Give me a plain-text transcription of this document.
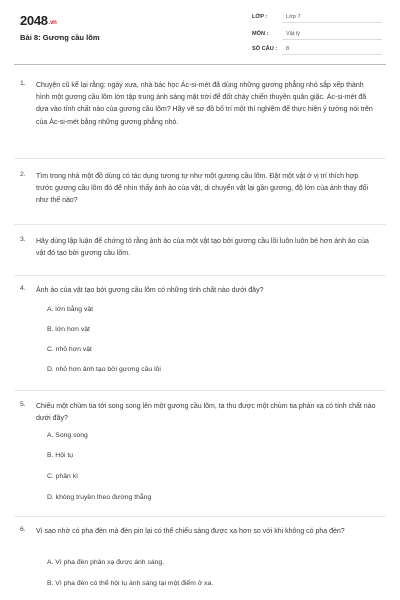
2048.vn
Bài 8: Gương cầu lõm
LỚP :	Lớp 7
MÔN :	Vật lý
SỐ CÂU : 8
1. Chuyện cũ kể lại rằng: ngày xưa, nhà bác học Ác-si-mét đã dùng những gương phẳng nhỏ sắp xếp thành hình một gương cầu lõm lớn tập trung ánh sáng mặt trời để đốt cháy chiến thuyền quân giặc. Ác-si-mét đã dựa vào tính chất nào của gương cầu lõm? Hãy vẽ sơ đồ bố trí một thí nghiệm để thực hiện ý tưởng nói trên của Ác-si-mét bằng những gương phẳng nhỏ.
2. Tìm trong nhà một đồ dùng có tác dụng tương tự như một gương cầu lõm. Đặt một vật ở vị trí thích hợp trước gương cầu lõm đó để nhìn thấy ảnh ảo của vật, di chuyển vật lại gần gương, độ lớn của ảnh thay đổi như thế nào?
3. Hãy dùng lập luận để chứng tỏ rằng ảnh ảo của một vật tạo bởi gương cầu lồi luôn luôn bé hơn ảnh ảo của vật đó tạo bởi gương cầu lõm.
4. Ảnh ảo của vật tạo bởi gương cầu lõm có những tính chất nào dưới đây?
A. lớn bằng vật
B. lớn hơn vật
C. nhỏ hơn vật
D. nhỏ hơn ảnh tạo bởi gương cầu lồi
5. Chiếu một chùm tia tới song song lên một gương cầu lõm, ta thu được một chùm tia phản xạ có tính chất nào dưới đây?
A. Song song
B. Hội tụ
C. phân kì
D. không truyền theo đường thẳng
6. Vì sao nhờ có pha đèn mà đèn pin lại có thể chiếu sáng được xa hơn so với khi không có pha đèn?
A. Vì pha đèn phản xạ được ánh sáng.
B. Vì pha đèn có thể hội tụ ánh sáng tại một điểm ở xa.
